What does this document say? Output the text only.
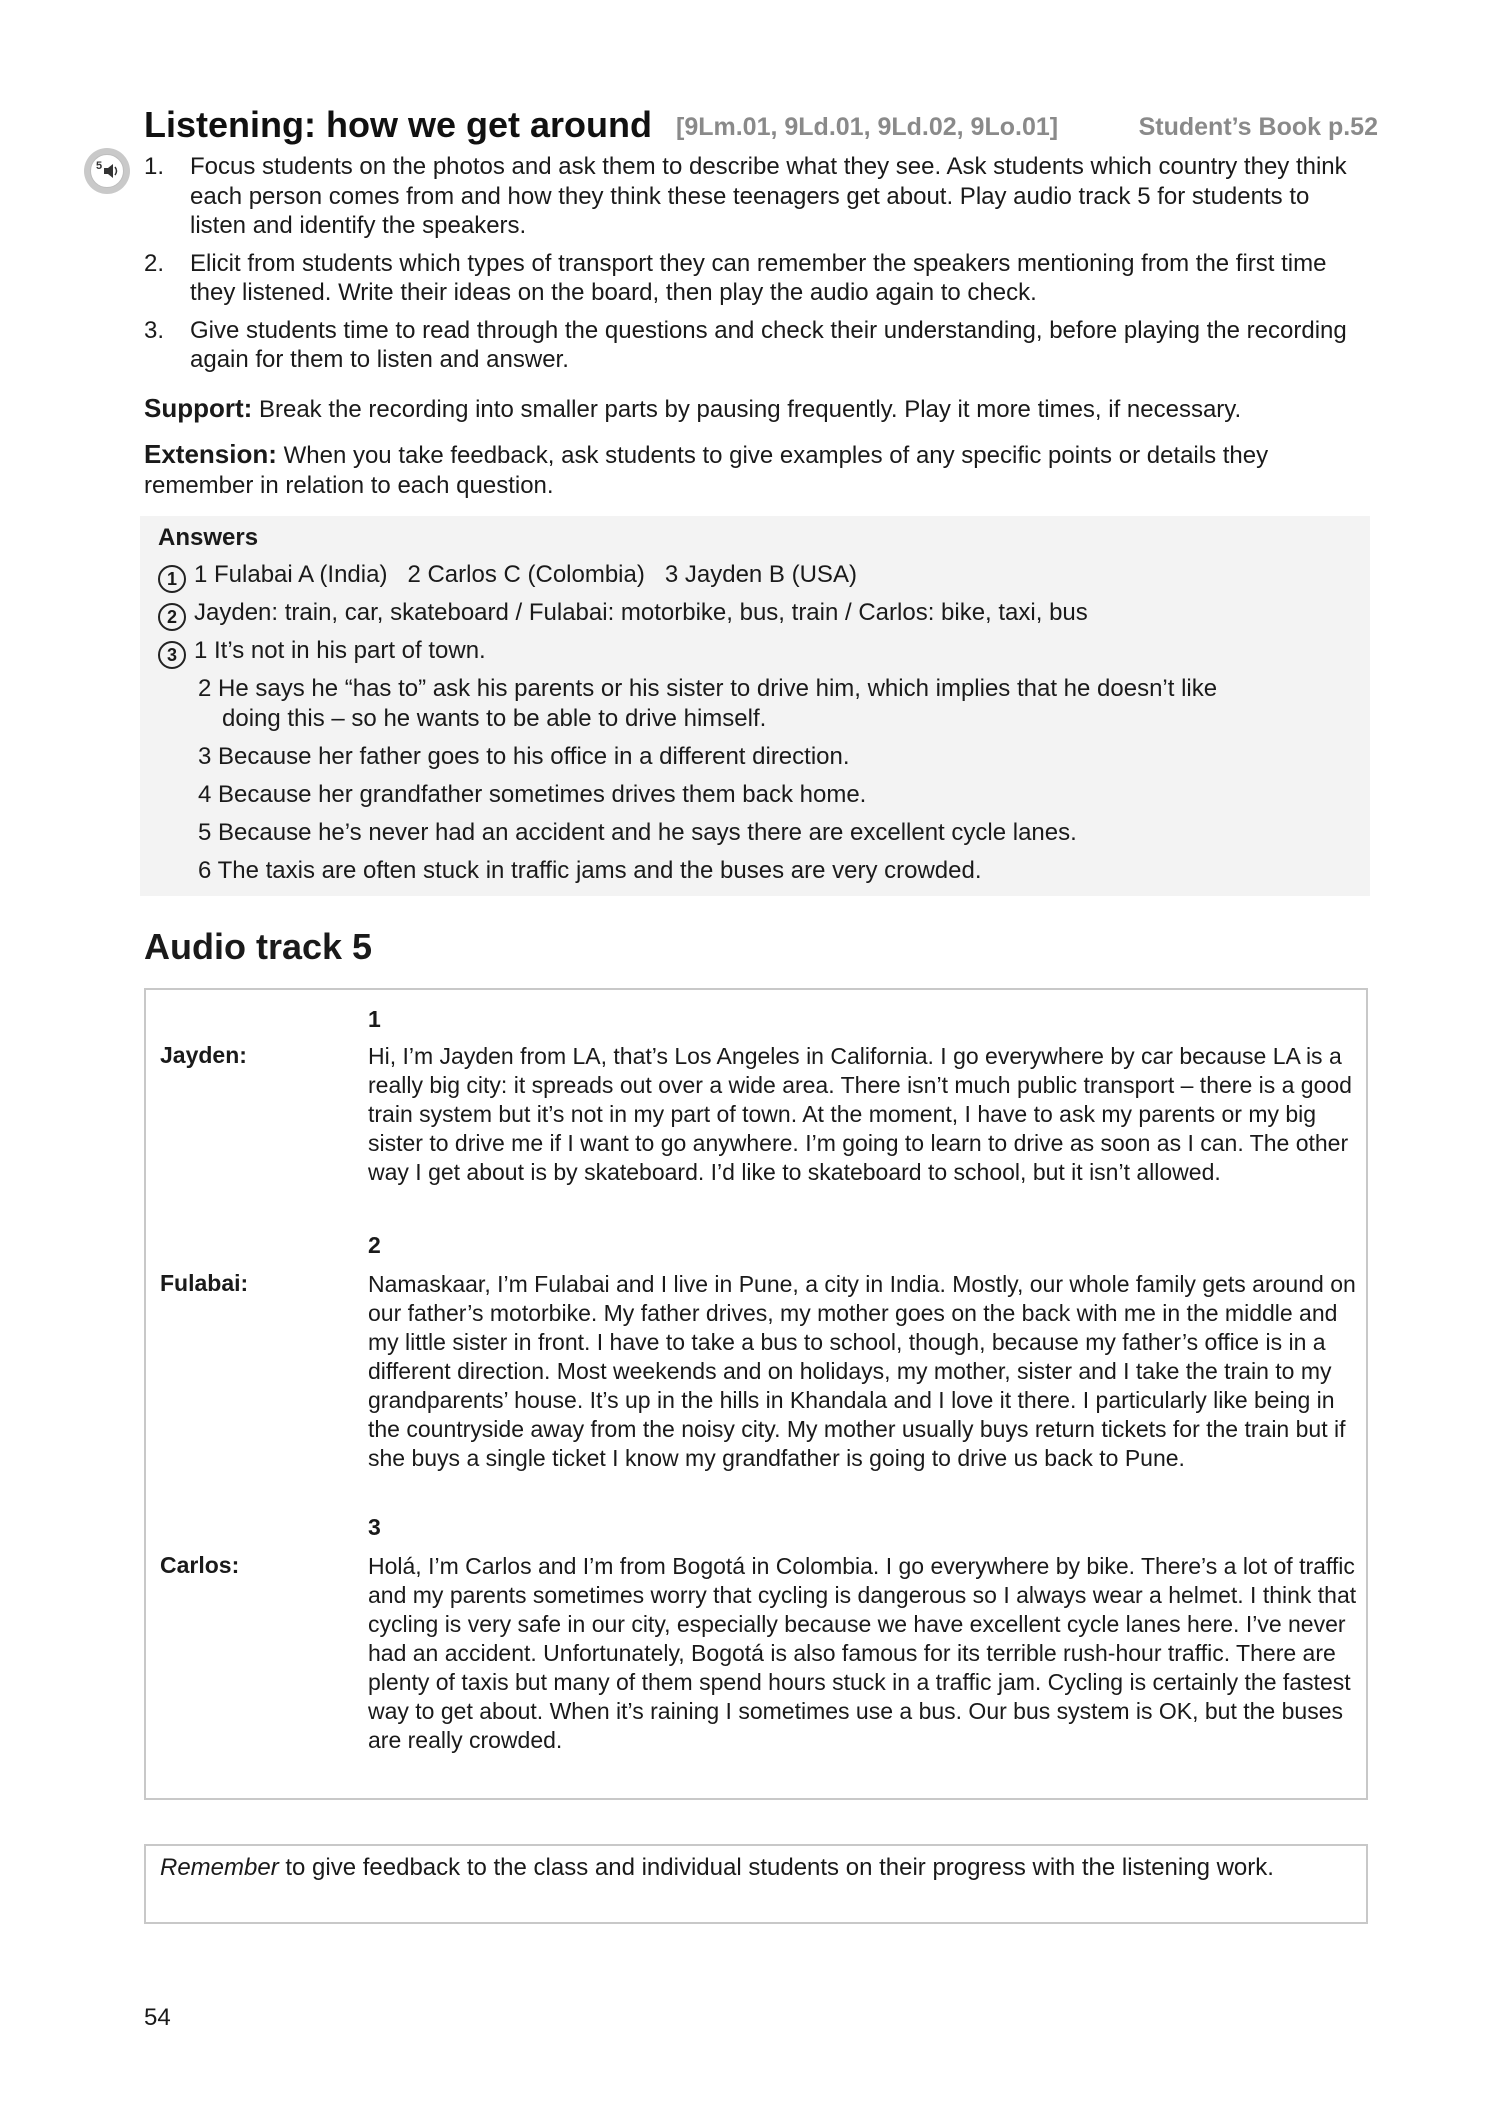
Listening: how we get around [9Lm.01, 9Ld.01, 9Ld.02, 9Lo.01]	Student’s Book p.52
5 1. Focus students on the photos and ask them to describe what they see. Ask students which country they think each person comes from and how they think these teenagers get about. Play audio track 5 for students to listen and identify the speakers.
2. Elicit from students which types of transport they can remember the speakers mentioning from the first time they listened. Write their ideas on the board, then play the audio again to check.
3. Give students time to read through the questions and check their understanding, before playing the recording again for them to listen and answer.
Support: Break the recording into smaller parts by pausing frequently. Play it more times, if necessary.
Extension: When you take feedback, ask students to give examples of any specific points or details they remember in relation to each question.
Answers
1 1 Fulabai A (India)   2 Carlos C (Colombia)   3 Jayden B (USA)
2 Jayden: train, car, skateboard / Fulabai: motorbike, bus, train / Carlos: bike, taxi, bus
3 1 It’s not in his part of town.
2 He says he “has to” ask his parents or his sister to drive him, which implies that he doesn’t like doing this – so he wants to be able to drive himself.
3 Because her father goes to his office in a different direction.
4 Because her grandfather sometimes drives them back home.
5 Because he’s never had an accident and he says there are excellent cycle lanes.
6 The taxis are often stuck in traffic jams and the buses are very crowded.
Audio track 5
1
Jayden:	Hi, I’m Jayden from LA, that’s Los Angeles in California. I go everywhere by car because LA is a really big city: it spreads out over a wide area. There isn’t much public transport – there is a good train system but it’s not in my part of town. At the moment, I have to ask my parents or my big sister to drive me if I want to go anywhere. I’m going to learn to drive as soon as I can. The other way I get about is by skateboard. I’d like to skateboard to school, but it isn’t allowed.
2
Fulabai:	Namaskaar, I’m Fulabai and I live in Pune, a city in India. Mostly, our whole family gets around on our father’s motorbike. My father drives, my mother goes on the back with me in the middle and my little sister in front. I have to take a bus to school, though, because my father’s office is in a different direction. Most weekends and on holidays, my mother, sister and I take the train to my grandparents’ house. It’s up in the hills in Khandala and I love it there. I particularly like being in the countryside away from the noisy city. My mother usually buys return tickets for the train but if she buys a single ticket I know my grandfather is going to drive us back to Pune.
3
Carlos:	Holá, I’m Carlos and I’m from Bogotá in Colombia. I go everywhere by bike. There’s a lot of traffic and my parents sometimes worry that cycling is dangerous so I always wear a helmet. I think that cycling is very safe in our city, especially because we have excellent cycle lanes here. I’ve never had an accident. Unfortunately, Bogotá is also famous for its terrible rush-hour traffic. There are plenty of taxis but many of them spend hours stuck in a traffic jam. Cycling is certainly the fastest way to get about. When it’s raining I sometimes use a bus. Our bus system is OK, but the buses are really crowded.
Remember to give feedback to the class and individual students on their progress with the listening work.
54
